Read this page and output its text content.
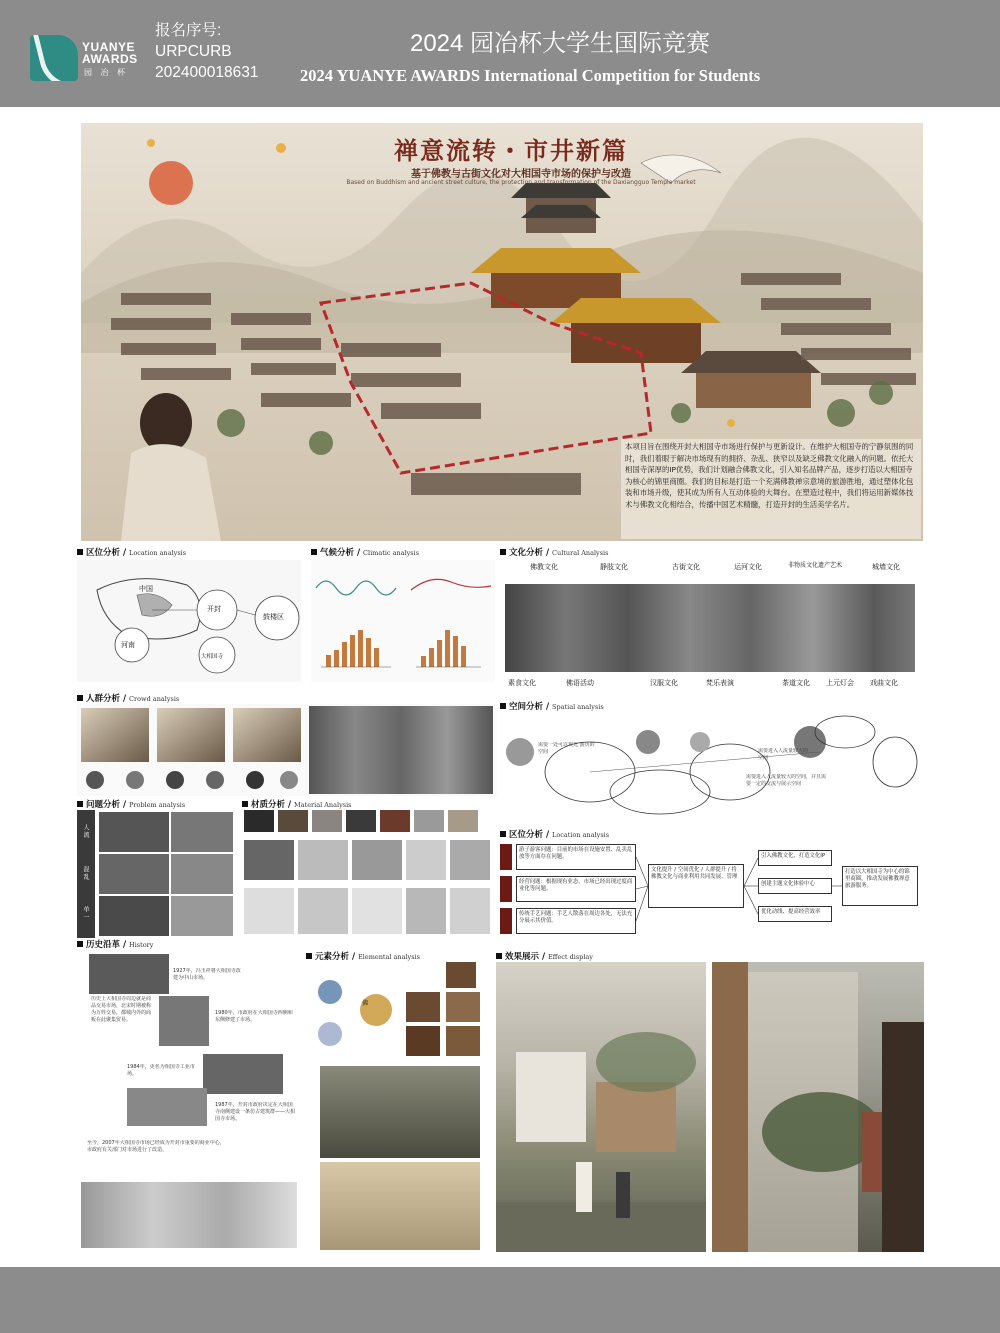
YUANYE
AWARDS
园 冶 杯
报名序号:
URPCURB
202400018631
2024 园冶杯大学生国际竞赛
2024 YUANYE AWARDS International Competition for Students
禅意流转・市井新篇
基于佛教与古街文化对大相国寺市场的保护与改造
Based on Buddhism and ancient street culture, the protection and transformation of the Daxiangguo Temple market
本项目旨在围绕开封大相国寺市场进行保护与更新设计。在维护大相国寺的宁静氛围的同时，我们着眼于解决市场现有的拥挤、杂乱、狭窄以及缺乏佛教文化融入的问题。依托大相国寺深厚的IP优势，我们计划融合佛教文化，引入知名品牌产品，逐步打造以大相国寺为核心的锦里商圈。我们的目标是打造一个充满佛教禅宗意境的旅游胜地，通过塑体化包装和市场升级，使其成为所有人互动体验的大舞台。在塑造过程中，我们将运用新媒体技术与佛教文化相结合，传播中国艺术精髓，打造开封的生活美学名片。
区位分析 / Location analysis
中国
河南
开封
鼓楼区
大相国寺
气候分析 / Climatic analysis	文化分析 / Cultural Analysis
佛教文化	静肢文化	古街文化	运河文化	非物质文化遗产艺术	城墙文化
素食文化	佛语活动	汉服文化	梵乐表演	茶道文化 上元灯会 戏曲文化
人群分析 / Crowd analysis
空间分析 / Spatial analysis
需要一处可以观光 游历的空间	需要进入人流量较大的空间
需要进入人流量较大的空间，并且需要一定的交流与展示空间
问题分析 / Problem analysis
人 流
混 乱
单 一
材质分析 / Material Analysis
区位分析 / Location analysis
游子游客问题：目前的市场在设施安置、乱卖乱放等方面存在问题。
经营问题：根据现有业态，市场已经出现过度商业化等问题。
传统手艺问题：手艺人散落在周边各处，无法充分展示其价值。
文化提升 / 空间优化 / 人群提升 / 将佛教文化与商业利用共同发展、管理
引入佛教文化，打造文化IP
创建主题文化体验中心
优化动线、提高经营效率
打造以大相国寺为中心的锦里商圈，推动发展佛教禅意旅游服务。
历史沿革 / History
1927年，冯玉祥将大相国寺改建为中山市场。
历史上大相国寺周边就是商品交易市场，北宋时期被称为万姓交易，都城内外的商贩在此聚集贸易。
1980年，市政府在大相国寺西侧和东侧修建了市场。
1984年，更名为相国寺工业市场。
1987年，开封市政府决定在大相国寺南侧建设一条仿古建筑群——大相国寺市场。
至今，2007年大相国寺市场已经成为开封市重要的商业中心，市政府有关部门对市场进行了改造。
元素分析 / Elemental analysis
佛
效果展示 / Effect display
